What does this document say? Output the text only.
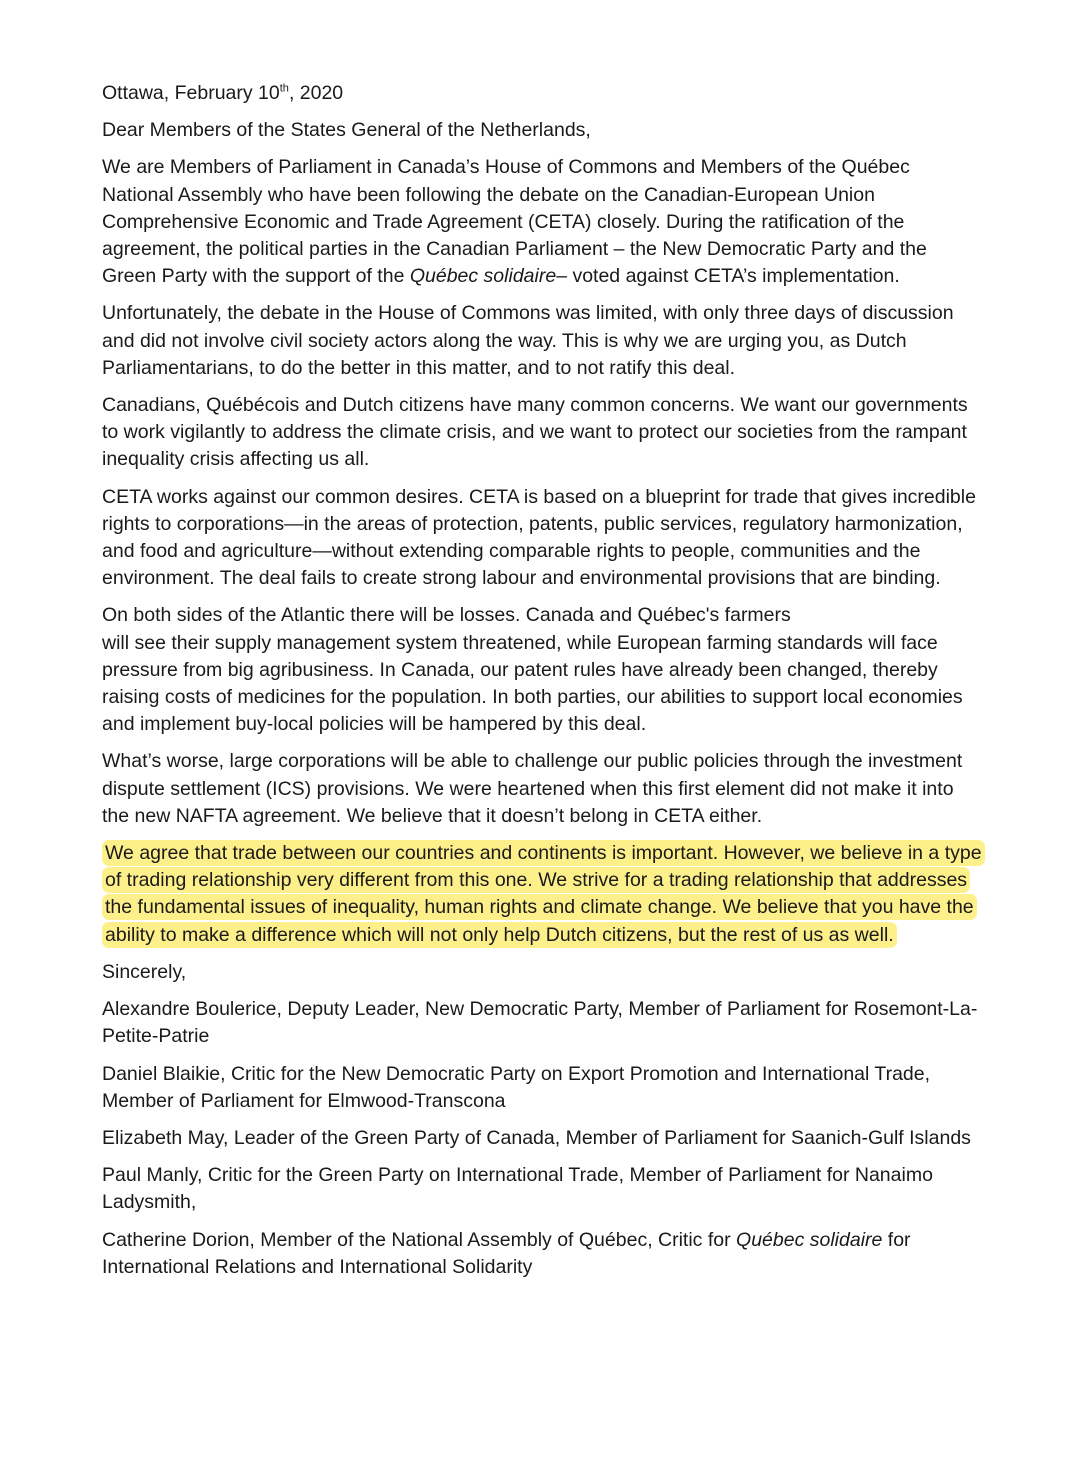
Ottawa, February 10th, 2020
Dear Members of the States General of the Netherlands,
We are Members of Parliament in Canada’s House of Commons and Members of the Québec National Assembly who have been following the debate on the Canadian-European Union Comprehensive Economic and Trade Agreement (CETA) closely. During the ratification of the agreement, the political parties in the Canadian Parliament – the New Democratic Party and the Green Party with the support of the Québec solidaire– voted against CETA’s implementation.
Unfortunately, the debate in the House of Commons was limited, with only three days of discussion and did not involve civil society actors along the way. This is why we are urging you, as Dutch Parliamentarians, to do the better in this matter, and to not ratify this deal.
Canadians, Québécois and Dutch citizens have many common concerns. We want our governments to work vigilantly to address the climate crisis, and we want to protect our societies from the rampant inequality crisis affecting us all.
CETA works against our common desires. CETA is based on a blueprint for trade that gives incredible rights to corporations—in the areas of protection, patents, public services, regulatory harmonization, and food and agriculture—without extending comparable rights to people, communities and the environment. The deal fails to create strong labour and environmental provisions that are binding.
On both sides of the Atlantic there will be losses. Canada and Québec's farmers
will see their supply management system threatened, while European farming standards will face pressure from big agribusiness. In Canada, our patent rules have already been changed, thereby raising costs of medicines for the population. In both parties, our abilities to support local economies and implement buy-local policies will be hampered by this deal.
What’s worse, large corporations will be able to challenge our public policies through the investment dispute settlement (ICS) provisions. We were heartened when this first element did not make it into the new NAFTA agreement. We believe that it doesn’t belong in CETA either.
We agree that trade between our countries and continents is important. However, we believe in a type of trading relationship very different from this one. We strive for a trading relationship that addresses the fundamental issues of inequality, human rights and climate change. We believe that you have the ability to make a difference which will not only help Dutch citizens, but the rest of us as well.
Sincerely,
Alexandre Boulerice, Deputy Leader, New Democratic Party, Member of Parliament for Rosemont-La-Petite-Patrie
Daniel Blaikie, Critic for the New Democratic Party on Export Promotion and International Trade, Member of Parliament for Elmwood-Transcona
Elizabeth May, Leader of the Green Party of Canada, Member of Parliament for Saanich-Gulf Islands
Paul Manly, Critic for the Green Party on International Trade, Member of Parliament for Nanaimo Ladysmith,
Catherine Dorion, Member of the National Assembly of Québec, Critic for Québec solidaire for International Relations and International Solidarity
